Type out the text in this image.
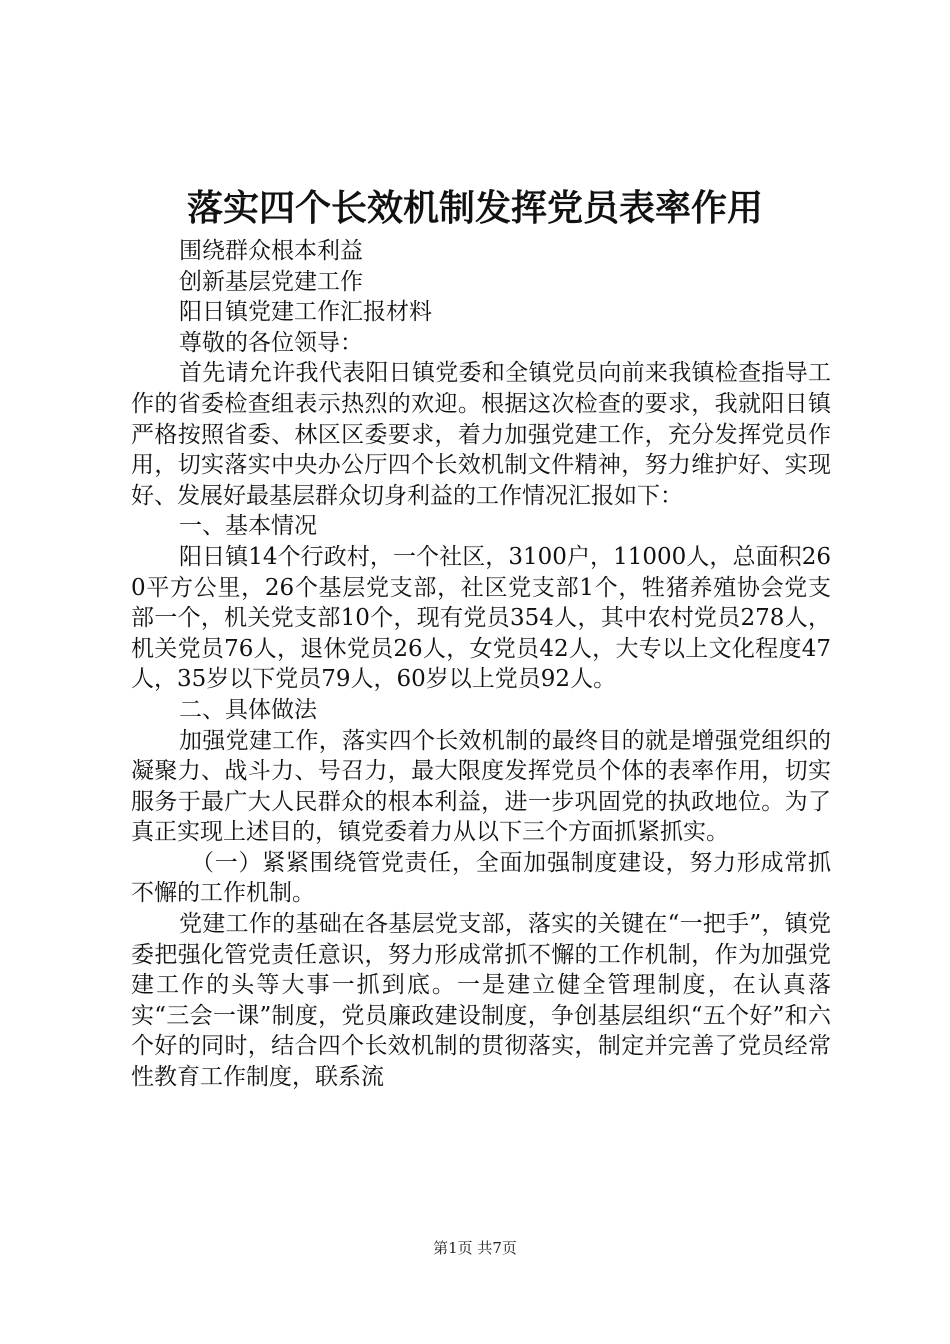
落实四个长效机制发挥党员表率作用

围绕群众根本利益

创新基层党建工作

阳日镇党建工作汇报材料

尊敬的各位领导：

首先请允许我代表阳日镇党委和全镇党员向前来我镇检查指导工作的省委检查组表示热烈的欢迎。根据这次检查的要求，我就阳日镇严格按照省委、林区区委要求，着力加强党建工作，充分发挥党员作用，切实落实中央办公厅四个长效机制文件精神，努力维护好、实现好、发展好最基层群众切身利益的工作情况汇报如下：

一、基本情况

阳日镇14个行政村，一个社区，3100户，11000人，总面积260平方公里，26个基层党支部，社区党支部1个，牲猪养殖协会党支部一个，机关党支部10个，现有党员354人，其中农村党员278人，机关党员76人，退休党员26人，女党员42人，大专以上文化程度47人，35岁以下党员79人，60岁以上党员92人。

二、具体做法

加强党建工作，落实四个长效机制的最终目的就是增强党组织的凝聚力、战斗力、号召力，最大限度发挥党员个体的表率作用，切实服务于最广大人民群众的根本利益，进一步巩固党的执政地位。为了真正实现上述目的，镇党委着力从以下三个方面抓紧抓实。

（一）紧紧围绕管党责任，全面加强制度建设，努力形成常抓不懈的工作机制。

党建工作的基础在各基层党支部，落实的关键在“一把手”，镇党委把强化管党责任意识，努力形成常抓不懈的工作机制，作为加强党建工作的头等大事一抓到底。一是建立健全管理制度，在认真落实“三会一课”制度，党员廉政建设制度，争创基层组织“五个好”和六个好的同时，结合四个长效机制的贯彻落实，制定并完善了党员经常性教育工作制度，联系流

第1页 共7页
